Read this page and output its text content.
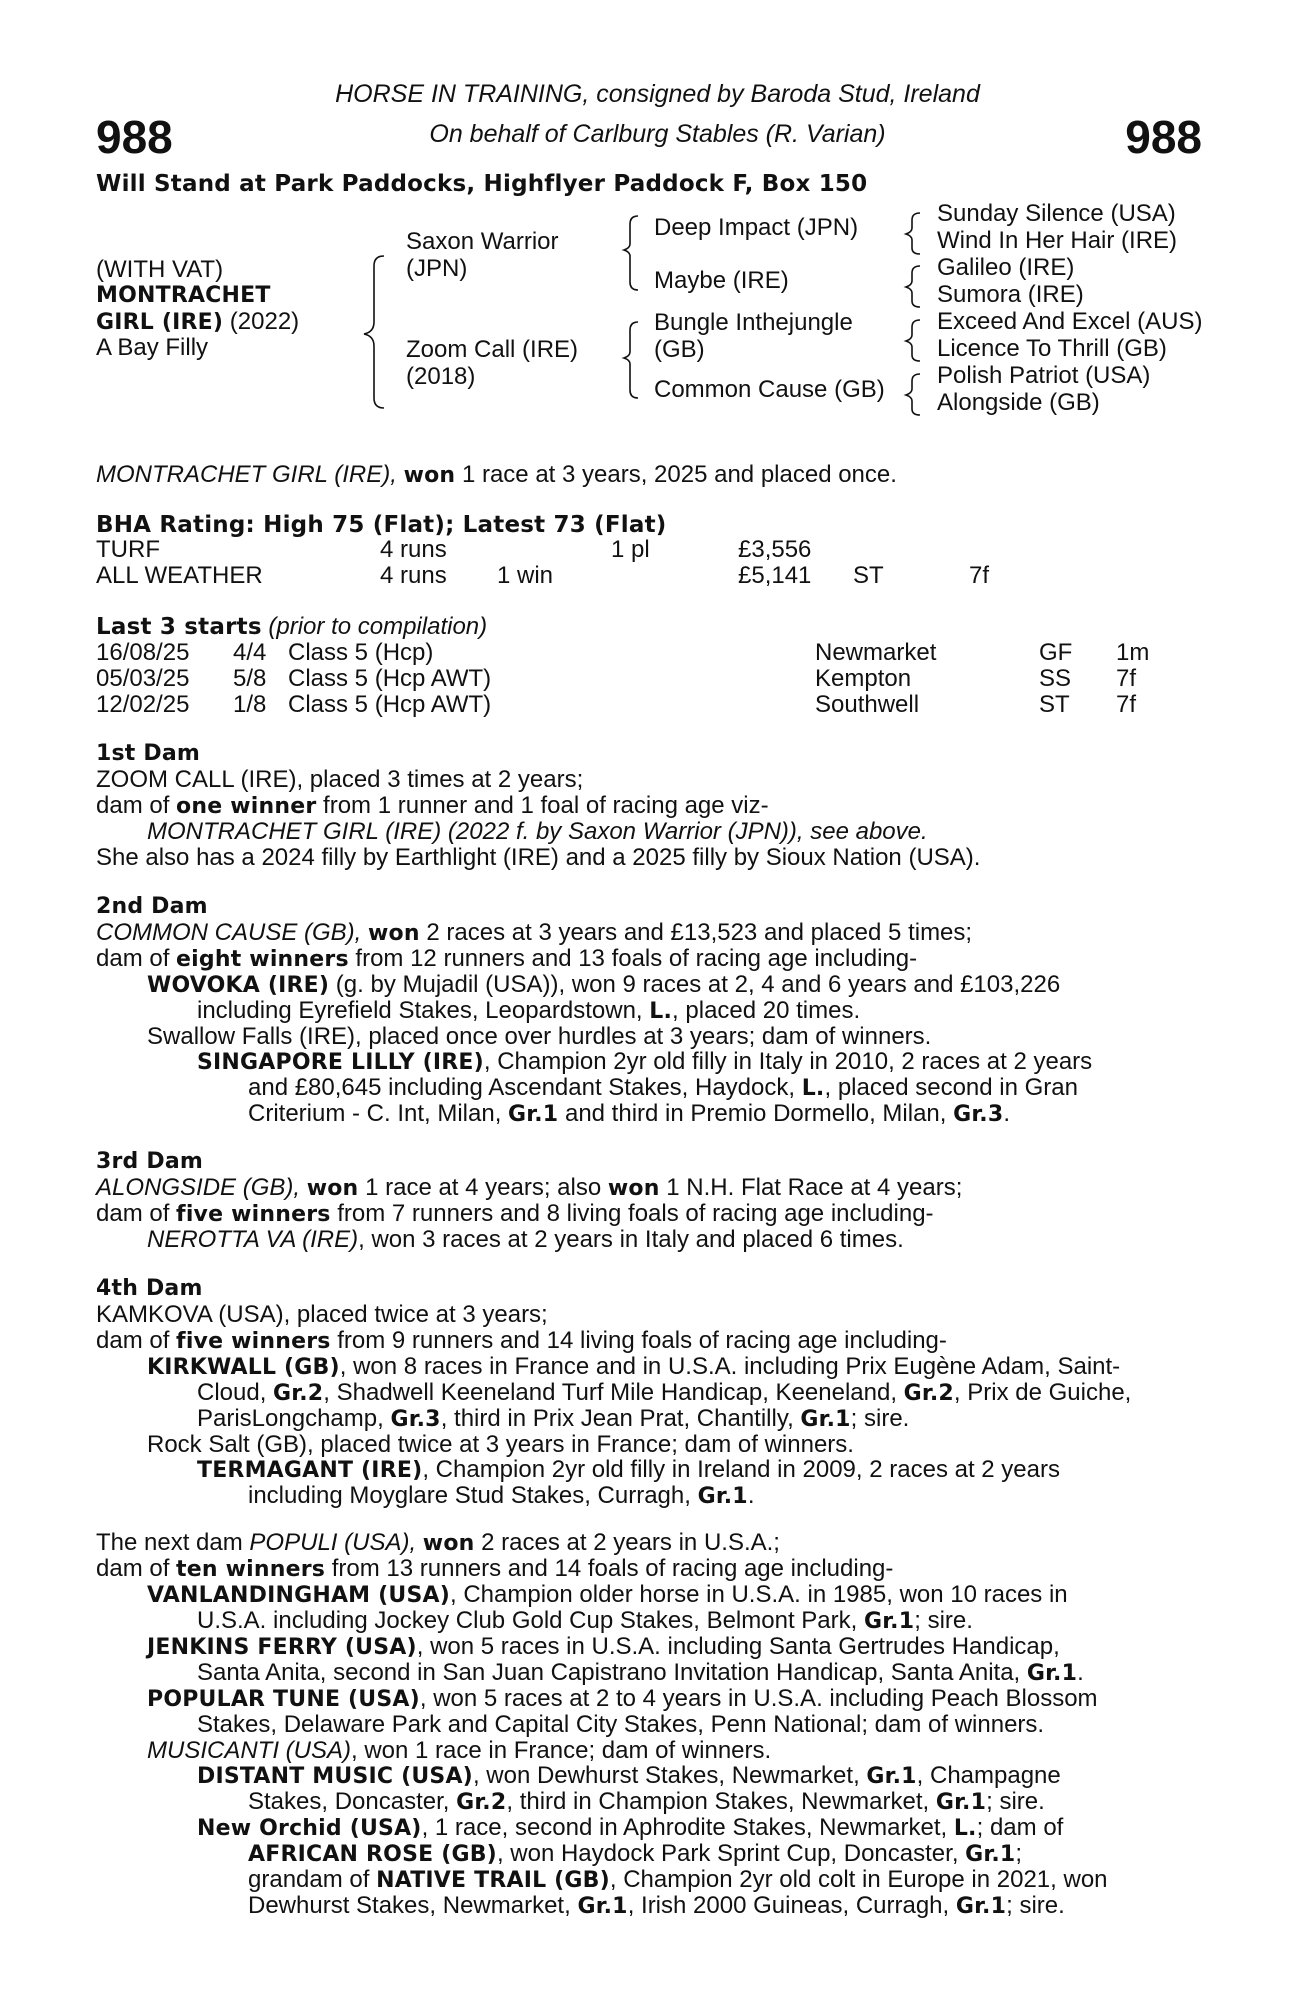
988	988
HORSE IN TRAINING, consigned by Baroda Stud, Ireland
On behalf of Carlburg Stables (R. Varian)
Will Stand at Park Paddocks, Highflyer Paddock F, Box 150
(WITH VAT)
MONTRACHET
GIRL (IRE) (2022)
A Bay Filly
Saxon Warrior
(JPN)
Zoom Call (IRE)
(2018)
Deep Impact (JPN)
Maybe (IRE)
Bungle Inthejungle
(GB)
Common Cause (GB)
Sunday Silence (USA)
Wind In Her Hair (IRE)
Galileo (IRE)
Sumora (IRE)
Exceed And Excel (AUS)
Licence To Thrill (GB)
Polish Patriot (USA)
Alongside (GB)
MONTRACHET GIRL (IRE), won 1 race at 3 years, 2025 and placed once.
BHA Rating: High 75 (Flat); Latest 73 (Flat)
TURF	4 runs	1 pl	£3,556
ALL WEATHER	4 runs 1 win	£5,141 ST	7f
Last 3 starts (prior to compilation)
16/08/25 4/4 Class 5 (Hcp)	Newmarket	GF 1m
05/03/25 5/8 Class 5 (Hcp AWT)	Kempton	SS 7f
12/02/25 1/8 Class 5 (Hcp AWT)	Southwell	ST 7f
1st Dam
ZOOM CALL (IRE), placed 3 times at 2 years;
dam of one winner from 1 runner and 1 foal of racing age viz-
MONTRACHET GIRL (IRE) (2022 f. by Saxon Warrior (JPN)), see above.
She also has a 2024 filly by Earthlight (IRE) and a 2025 filly by Sioux Nation (USA).
2nd Dam
COMMON CAUSE (GB), won 2 races at 3 years and £13,523 and placed 5 times;
dam of eight winners from 12 runners and 13 foals of racing age including-
WOVOKA (IRE) (g. by Mujadil (USA)), won 9 races at 2, 4 and 6 years and £103,226
including Eyrefield Stakes, Leopardstown, L., placed 20 times.
Swallow Falls (IRE), placed once over hurdles at 3 years; dam of winners.
SINGAPORE LILLY (IRE), Champion 2yr old filly in Italy in 2010, 2 races at 2 years
and £80,645 including Ascendant Stakes, Haydock, L., placed second in Gran
Criterium - C. Int, Milan, Gr.1 and third in Premio Dormello, Milan, Gr.3.
3rd Dam
ALONGSIDE (GB), won 1 race at 4 years; also won 1 N.H. Flat Race at 4 years;
dam of five winners from 7 runners and 8 living foals of racing age including-
NEROTTA VA (IRE), won 3 races at 2 years in Italy and placed 6 times.
4th Dam
KAMKOVA (USA), placed twice at 3 years;
dam of five winners from 9 runners and 14 living foals of racing age including-
KIRKWALL (GB), won 8 races in France and in U.S.A. including Prix Eugène Adam, Saint-
Cloud, Gr.2, Shadwell Keeneland Turf Mile Handicap, Keeneland, Gr.2, Prix de Guiche,
ParisLongchamp, Gr.3, third in Prix Jean Prat, Chantilly, Gr.1; sire.
Rock Salt (GB), placed twice at 3 years in France; dam of winners.
TERMAGANT (IRE), Champion 2yr old filly in Ireland in 2009, 2 races at 2 years
including Moyglare Stud Stakes, Curragh, Gr.1.
The next dam POPULI (USA), won 2 races at 2 years in U.S.A.;
dam of ten winners from 13 runners and 14 foals of racing age including-
VANLANDINGHAM (USA), Champion older horse in U.S.A. in 1985, won 10 races in
U.S.A. including Jockey Club Gold Cup Stakes, Belmont Park, Gr.1; sire.
JENKINS FERRY (USA), won 5 races in U.S.A. including Santa Gertrudes Handicap,
Santa Anita, second in San Juan Capistrano Invitation Handicap, Santa Anita, Gr.1.
POPULAR TUNE (USA), won 5 races at 2 to 4 years in U.S.A. including Peach Blossom
Stakes, Delaware Park and Capital City Stakes, Penn National; dam of winners.
MUSICANTI (USA), won 1 race in France; dam of winners.
DISTANT MUSIC (USA), won Dewhurst Stakes, Newmarket, Gr.1, Champagne
Stakes, Doncaster, Gr.2, third in Champion Stakes, Newmarket, Gr.1; sire.
New Orchid (USA), 1 race, second in Aphrodite Stakes, Newmarket, L.; dam of
AFRICAN ROSE (GB), won Haydock Park Sprint Cup, Doncaster, Gr.1;
grandam of NATIVE TRAIL (GB), Champion 2yr old colt in Europe in 2021, won
Dewhurst Stakes, Newmarket, Gr.1, Irish 2000 Guineas, Curragh, Gr.1; sire.
